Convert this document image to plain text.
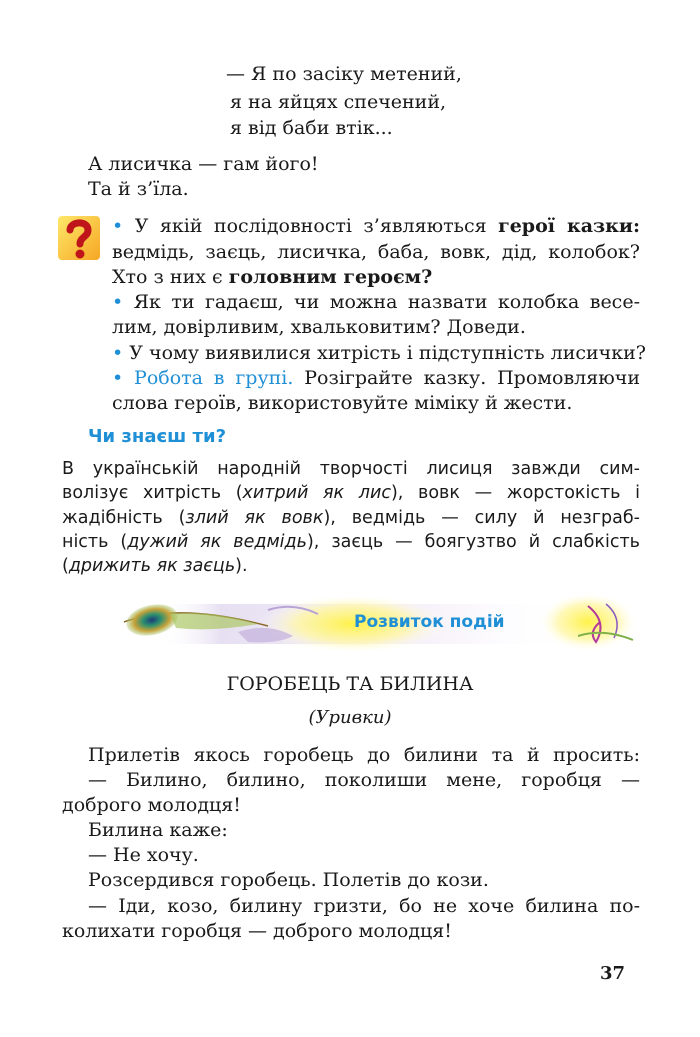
— Я по засіку метений,
я на яйцях спечений,
я від баби втік...
А лисичка — гам його!
Та й з’їла.
• У якій послідовності з’являються герої казки:
ведмідь, заєць, лисичка, баба, вовк, дід, колобок?
Хто з них є головним героєм?
• Як ти гадаєш, чи можна назвати колобка весе-
лим, довірливим, хвальковитим? Доведи.
• У чому виявилися хитрість і підступність лисички?
• Робота в групі. Розіграйте казку. Промовляючи
слова героїв, використовуйте міміку й жести.
Чи знаєш ти?
В українській народній творчості лисиця завжди сим-
волізує хитрість (хитрий як лис), вовк — жорстокість і
жадібність (злий як вовк), ведмідь — силу й незграб-
ність (дужий як ведмідь), заєць — боягузтво й слабкість
(дрижить як заєць).
Розвиток подій
ГОРОБЕЦЬ ТА БИЛИНА
(Уривки)
Прилетів якось горобець до билини та й просить:
— Билино, билино, поколиши мене, горобця —
доброго молодця!
Билина каже:
— Не хочу.
Розсердився горобець. Полетів до кози.
— Іди, козо, билину гризти, бо не хоче билина по-
колихати горобця — доброго молодця!
37
